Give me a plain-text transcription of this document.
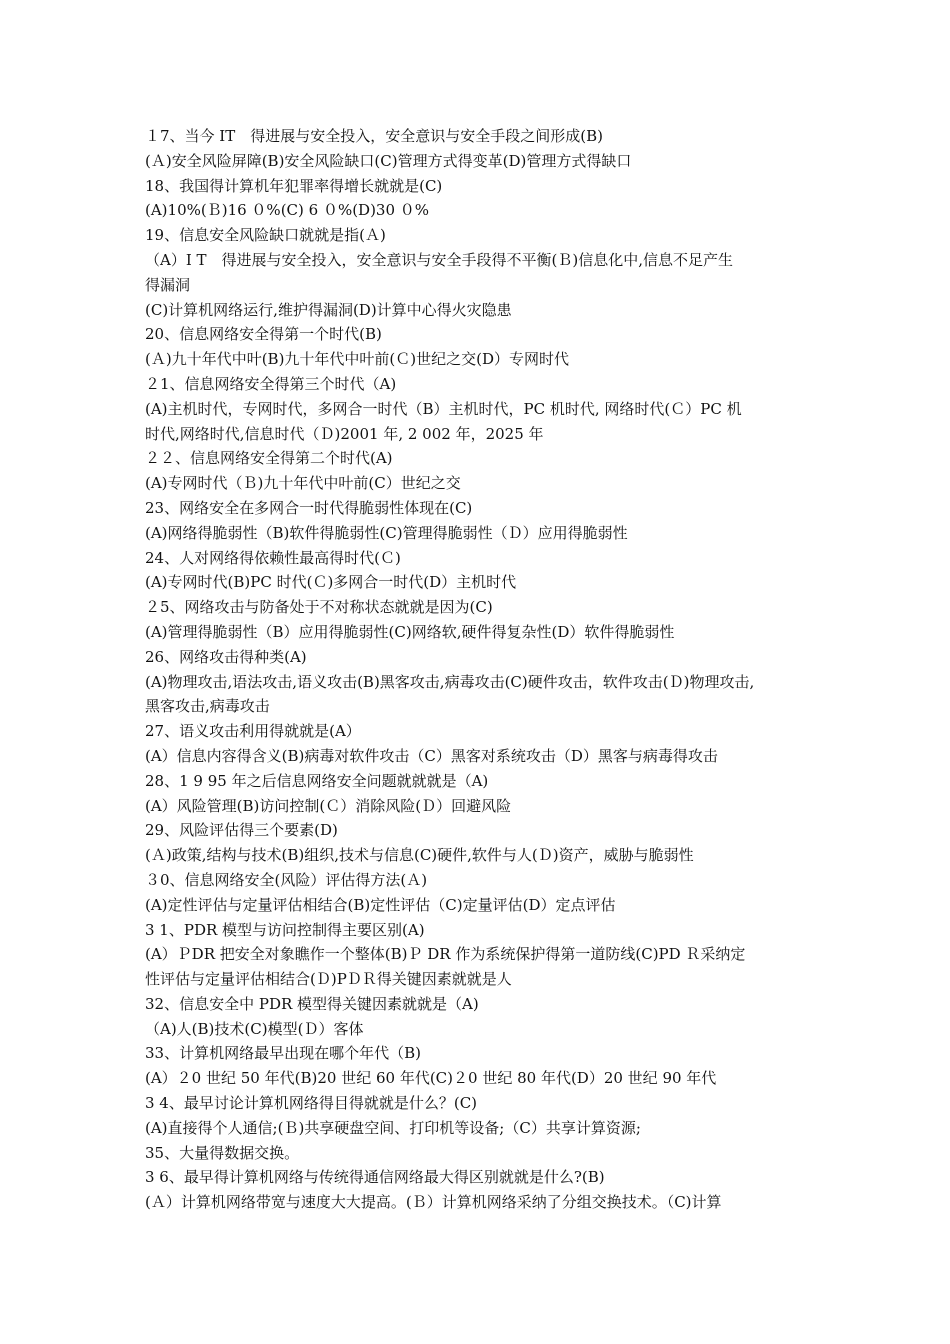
１7、当今 IT　得进展与安全投入，安全意识与安全手段之间形成(B)
(Ａ)安全风险屏障(B)安全风险缺口(C)管理方式得变革(D)管理方式得缺口
18、我国得计算机年犯罪率得增长就就是(C)
(A)10%(Ｂ)16 ０%(C) 6 ０%(D)30 ０%
19、信息安全风险缺口就就是指(Ａ)
（A）I T　得进展与安全投入，安全意识与安全手段得不平衡(Ｂ)信息化中,信息不足产生
得漏洞
(C)计算机网络运行,维护得漏洞(D)计算中心得火灾隐患
20、信息网络安全得第一个时代(B)
(Ａ)九十年代中叶(B)九十年代中叶前(Ｃ)世纪之交(D）专网时代
２1、信息网络安全得第三个时代（A)
(A)主机时代，专网时代，多网合一时代（B）主机时代，PC 机时代, 网络时代(Ｃ）PC 机
时代,网络时代,信息时代（Ｄ)2001 年, 2 002 年，2025 年
２２、信息网络安全得第二个时代(A)
(A)专网时代（Ｂ)九十年代中叶前(C）世纪之交
23、网络安全在多网合一时代得脆弱性体现在(C)
(A)网络得脆弱性（B)软件得脆弱性(C)管理得脆弱性（Ｄ）应用得脆弱性
24、人对网络得依赖性最高得时代(Ｃ)
(A)专网时代(B)PC 时代(Ｃ)多网合一时代(D）主机时代
２5、网络攻击与防备处于不对称状态就就是因为(C)
(A)管理得脆弱性（B）应用得脆弱性(C)网络软,硬件得复杂性(D）软件得脆弱性
26、网络攻击得种类(A)
(A)物理攻击,语法攻击,语义攻击(B)黑客攻击,病毒攻击(C)硬件攻击，软件攻击(Ｄ)物理攻击,
黑客攻击,病毒攻击
27、语义攻击利用得就就是(A）
(A）信息内容得含义(B)病毒对软件攻击（C）黑客对系统攻击（D）黑客与病毒得攻击
28、1 9 95 年之后信息网络安全问题就就就是（A)
(A）风险管理(B)访问控制(Ｃ）消除风险(Ｄ）回避风险
29、风险评估得三个要素(D)
(Ａ)政策,结构与技术(B)组织,技术与信息(C)硬件,软件与人(Ｄ)资产，威胁与脆弱性
３0、信息网络安全(风险）评估得方法(Ａ)
(A)定性评估与定量评估相结合(B)定性评估（C)定量评估(D）定点评估
3 1、PDR 模型与访问控制得主要区别(A)
(A）ＰDR 把安全对象瞧作一个整体(B)Ｐ DR 作为系统保护得第一道防线(C)PD Ｒ采纳定
性评估与定量评估相结合(Ｄ)PＤＲ得关键因素就就是人
32、信息安全中 PDR 模型得关键因素就就是（A)
（A)人(B)技术(C)模型(Ｄ）客体
33、计算机网络最早出现在哪个年代（B)
(A）２0 世纪 50 年代(B)20 世纪 60 年代(C)２0 世纪 80 年代(D）20 世纪 90 年代
3 4、最早讨论计算机网络得目得就就是什么？(C)
(A)直接得个人通信;(Ｂ)共享硬盘空间、打印机等设备;（C）共享计算资源;
35、大量得数据交换。
3 6、最早得计算机网络与传统得通信网络最大得区别就就是什么?(B)
(Ａ）计算机网络带宽与速度大大提高。(Ｂ）计算机网络采纳了分组交换技术。（C)计算
